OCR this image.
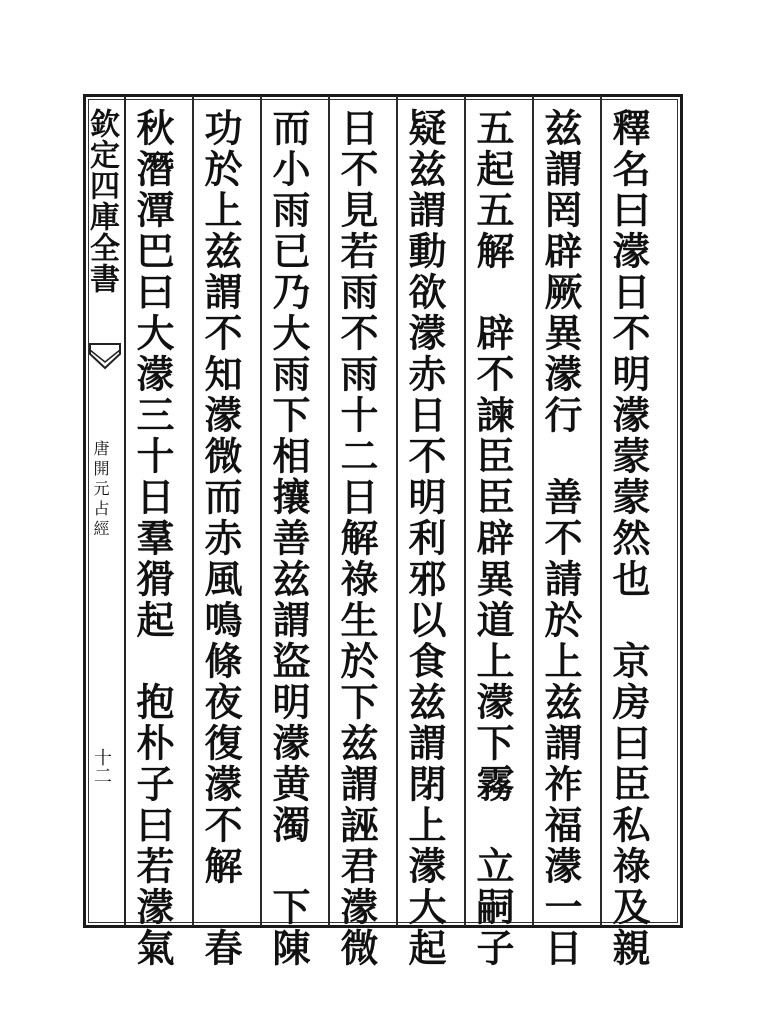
欽定四庫全書
唐開元占經
十二	釋名曰濛日不明濛蒙蒙然也　京房曰臣私祿及親
兹謂罔辟厥異濛行　善不請於上兹謂祚福濛一日
五起五解　辟不諫臣臣辟異道上濛下霧　立嗣子
疑兹謂動欲濛赤日不明利邪以食兹謂閉上濛大起
日不見若雨不雨十二日解祿生於下兹謂誣君濛微
而小雨已乃大雨下相攘善兹謂盜明濛黄濁　下陳
功於上兹謂不知濛微而赤風鳴條夜復濛不解　春
秋潛潭巴曰大濛三十日羣猾起　抱朴子曰若濛氣
